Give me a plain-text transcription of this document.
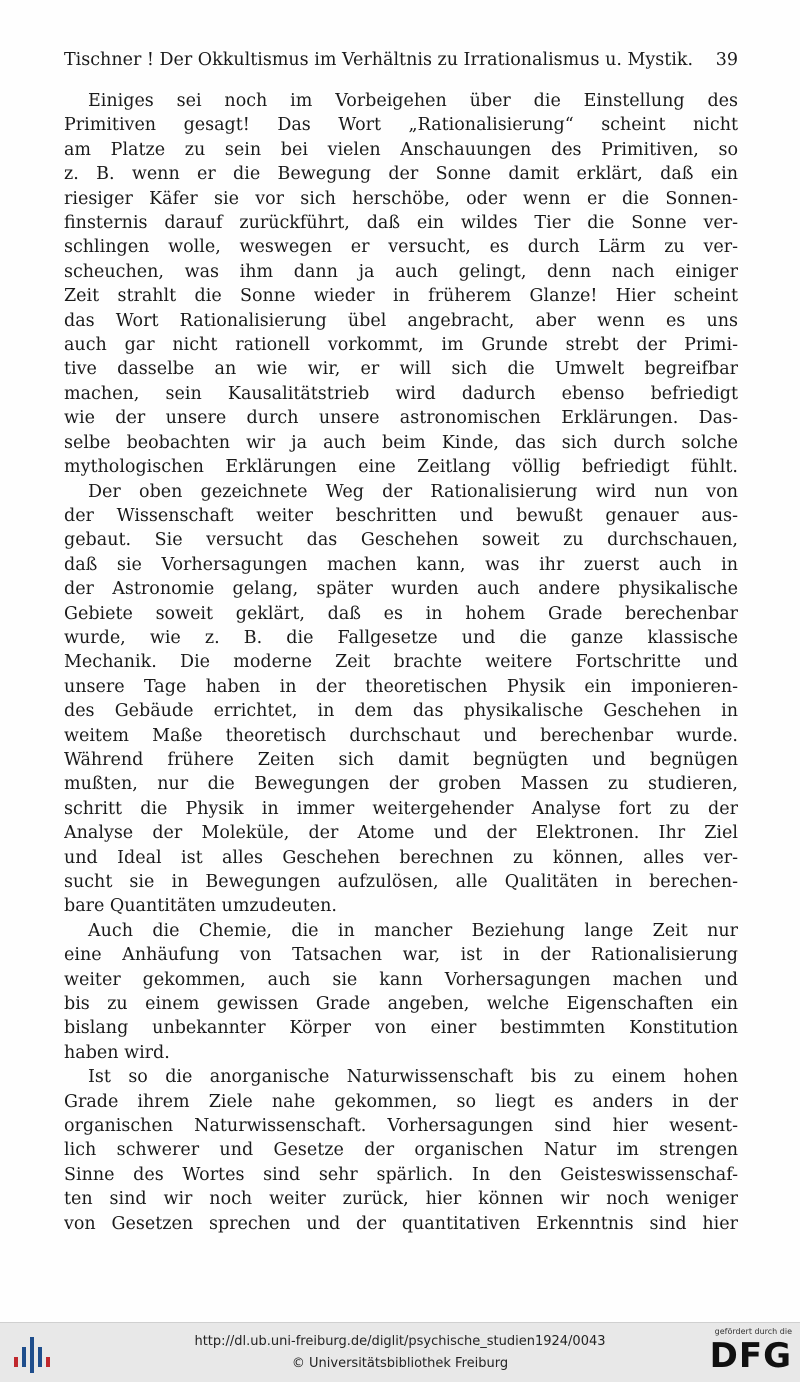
Tischner ! Der Okkultismus im Verhältnis zu Irrationalismus u. Mystik. 39
Einiges sei noch im Vorbeigehen über die Einstellung des
Primitiven gesagt! Das Wort „Rationalisierung“ scheint nicht
am Platze zu sein bei vielen Anschauungen des Primitiven, so
z. B. wenn er die Bewegung der Sonne damit erklärt, daß ein
riesiger Käfer sie vor sich herschöbe, oder wenn er die Sonnen-
finsternis darauf zurückführt, daß ein wildes Tier die Sonne ver-
schlingen wolle, weswegen er versucht, es durch Lärm zu ver-
scheuchen, was ihm dann ja auch gelingt, denn nach einiger
Zeit strahlt die Sonne wieder in früherem Glanze! Hier scheint
das Wort Rationalisierung übel angebracht, aber wenn es uns
auch gar nicht rationell vorkommt, im Grunde strebt der Primi-
tive dasselbe an wie wir, er will sich die Umwelt begreifbar
machen, sein Kausalitätstrieb wird dadurch ebenso befriedigt
wie der unsere durch unsere astronomischen Erklärungen. Das-
selbe beobachten wir ja auch beim Kinde, das sich durch solche
mythologischen Erklärungen eine Zeitlang völlig befriedigt fühlt.
Der oben gezeichnete Weg der Rationalisierung wird nun von
der Wissenschaft weiter beschritten und bewußt genauer aus-
gebaut. Sie versucht das Geschehen soweit zu durchschauen,
daß sie Vorhersagungen machen kann, was ihr zuerst auch in
der Astronomie gelang, später wurden auch andere physikalische
Gebiete soweit geklärt, daß es in hohem Grade berechenbar
wurde, wie z. B. die Fallgesetze und die ganze klassische
Mechanik. Die moderne Zeit brachte weitere Fortschritte und
unsere Tage haben in der theoretischen Physik ein imponieren-
des Gebäude errichtet, in dem das physikalische Geschehen in
weitem Maße theoretisch durchschaut und berechenbar wurde.
Während frühere Zeiten sich damit begnügten und begnügen
mußten, nur die Bewegungen der groben Massen zu studieren,
schritt die Physik in immer weitergehender Analyse fort zu der
Analyse der Moleküle, der Atome und der Elektronen. Ihr Ziel
und Ideal ist alles Geschehen berechnen zu können, alles ver-
sucht sie in Bewegungen aufzulösen, alle Qualitäten in berechen-
bare Quantitäten umzudeuten.
Auch die Chemie, die in mancher Beziehung lange Zeit nur
eine Anhäufung von Tatsachen war, ist in der Rationalisierung
weiter gekommen, auch sie kann Vorhersagungen machen und
bis zu einem gewissen Grade angeben, welche Eigenschaften ein
bislang unbekannter Körper von einer bestimmten Konstitution
haben wird.
Ist so die anorganische Naturwissenschaft bis zu einem hohen
Grade ihrem Ziele nahe gekommen, so liegt es anders in der
organischen Naturwissenschaft. Vorhersagungen sind hier wesent-
lich schwerer und Gesetze der organischen Natur im strengen
Sinne des Wortes sind sehr spärlich. In den Geisteswissenschaf-
ten sind wir noch weiter zurück, hier können wir noch weniger
von Gesetzen sprechen und der quantitativen Erkenntnis sind hier
http://dl.ub.uni-freiburg.de/diglit/psychische_studien1924/0043
© Universitätsbibliothek Freiburg
gefördert durch die
DFG
